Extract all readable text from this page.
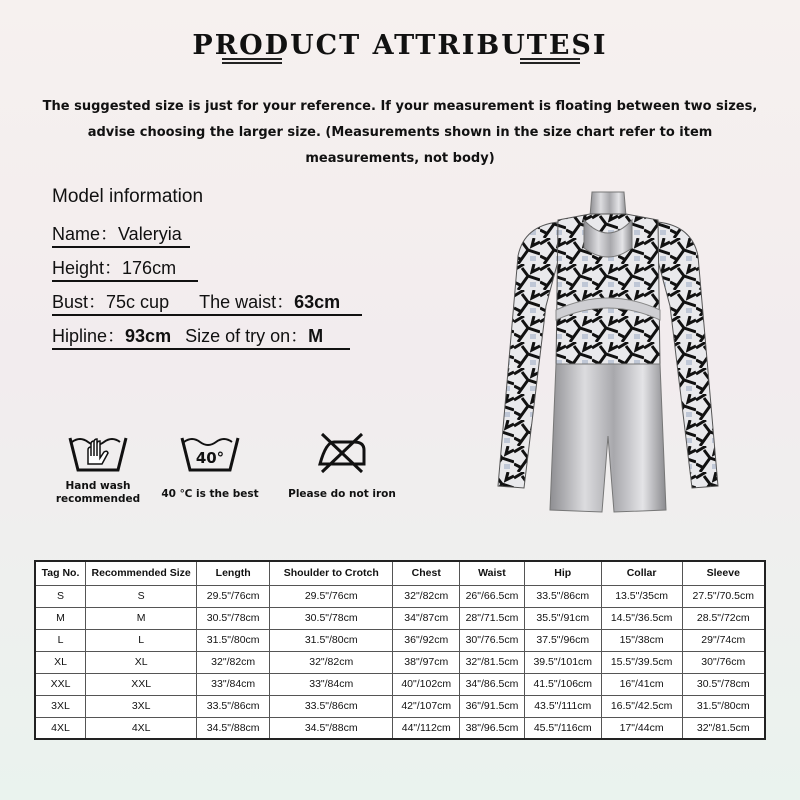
PRODUCT ATTRIBUTESI
The suggested size is just for your reference. If your measurement is floating between two sizes, advise choosing the larger size. (Measurements shown in the size chart refer to item measurements, not body)
Model information
Name：Valeryia
Height：176cm
Bust：75c cup The waist：63cm
Hipline：93cm Size of try on：M
Hand wash recommended
40°
40 ℃ is the best	Please do not iron
Tag No.	Recommended Size	Length	Shoulder to Crotch	Chest	Waist	Hip	Collar	Sleeve
S	S	29.5"/76cm	29.5"/76cm	32"/82cm	26"/66.5cm	33.5"/86cm	13.5"/35cm	27.5"/70.5cm
M	M	30.5"/78cm	30.5"/78cm	34"/87cm	28"/71.5cm	35.5"/91cm	14.5"/36.5cm	28.5"/72cm
L	L	31.5"/80cm	31.5"/80cm	36"/92cm	30"/76.5cm	37.5"/96cm	15"/38cm	29"/74cm
XL	XL	32"/82cm	32"/82cm	38"/97cm	32"/81.5cm	39.5"/101cm	15.5"/39.5cm	30"/76cm
XXL	XXL	33"/84cm	33"/84cm	40"/102cm	34"/86.5cm	41.5"/106cm	16"/41cm	30.5"/78cm
3XL	3XL	33.5"/86cm	33.5"/86cm	42"/107cm	36"/91.5cm	43.5"/111cm	16.5"/42.5cm	31.5"/80cm
4XL	4XL	34.5"/88cm	34.5"/88cm	44"/112cm	38"/96.5cm	45.5"/116cm	17"/44cm	32"/81.5cm
